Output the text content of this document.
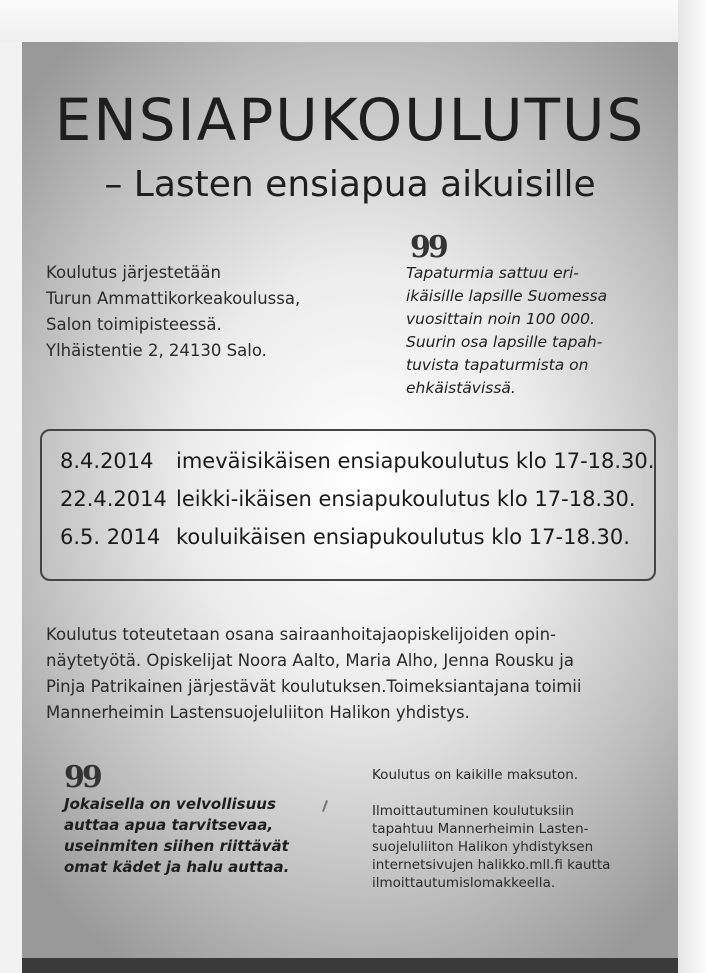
ENSIAPUKOULUTUS
– Lasten ensiapua aikuisille
Koulutus järjestetään
Turun Ammattikorkeakoulussa,
Salon toimipisteessä.
Ylhäistentie 2, 24130 Salo.
99
Tapaturmia sattuu eri-
ikäisille lapsille Suomessa
vuosittain noin 100 000.
Suurin osa lapsille tapah-
tuvista tapaturmista on
ehkäistävissä.
8.4.2014	imeväisikäisen ensiapukoulutus klo 17-18.30.
22.4.2014 leikki-ikäisen ensiapukoulutus klo 17-18.30.
6.5. 2014 kouluikäisen ensiapukoulutus klo 17-18.30.
Koulutus toteutetaan osana sairaanhoitajaopiskelijoiden opin-
näytetyötä. Opiskelijat Noora Aalto, Maria Alho, Jenna Rousku ja
Pinja Patrikainen järjestävät koulutuksen.Toimeksiantajana toimii
Mannerheimin Lastensuojeluliiton Halikon yhdistys.
99
Jokaisella on velvollisuus
auttaa apua tarvitsevaa,
useinmiten siihen riittävät
omat kädet ja halu auttaa.
Koulutus on kaikille maksuton.
Ilmoittautuminen koulutuksiin
tapahtuu Mannerheimin Lasten-
suojeluliiton Halikon yhdistyksen
internetsivujen halikko.mll.fi kautta
ilmoittautumislomakkeella.
